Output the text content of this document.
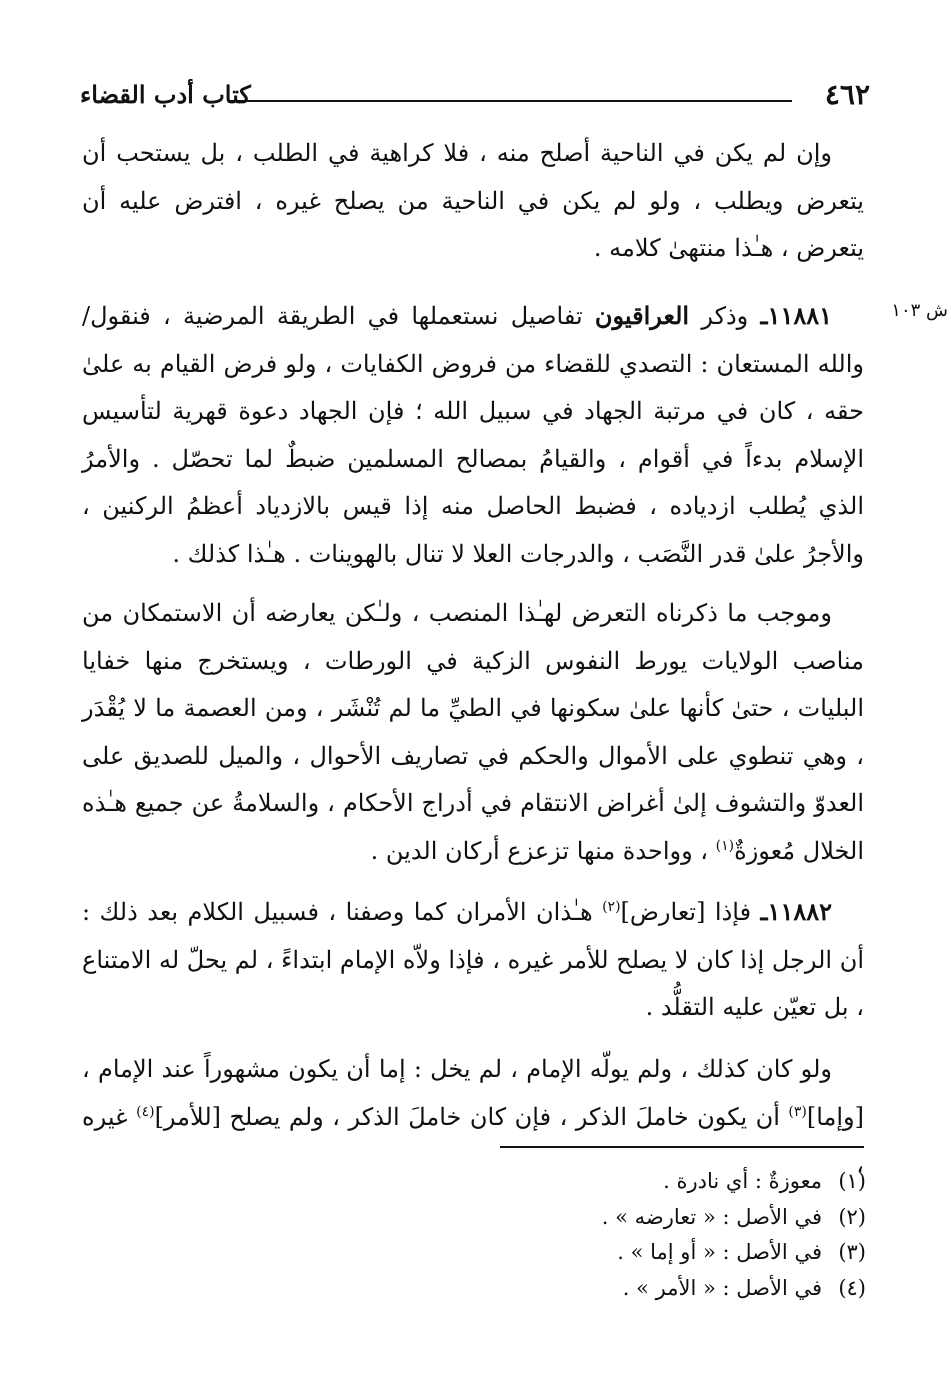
٤٦٢
كتاب أدب القضاء
ش ١٠٣

وإن لم يكن في الناحية أصلح منه ، فلا كراهية في الطلب ، بل يستحب أن يتعرض ويطلب ، ولو لم يكن في الناحية من يصلح غيره ، افترض عليه أن يتعرض ، هـٰذا منتهىٰ كلامه .

١١٨٨١ـ وذكر العراقيون تفاصيل نستعملها في الطريقة المرضية ، فنقول/ والله المستعان : التصدي للقضاء من فروض الكفايات ، ولو فرض القيام به علىٰ حقه ، كان في مرتبة الجهاد في سبيل الله ؛ فإن الجهاد دعوة قهرية لتأسيس الإسلام بدءاً في أقوام ، والقيامُ بمصالح المسلمين ضبطٌ لما تحصّل . والأمرُ الذي يُطلب ازدياده ، فضبط الحاصل منه إذا قيس بالازدياد أعظمُ الركنين ، والأجرُ علىٰ قدر النَّصَب ، والدرجات العلا لا تنال بالهوينات . هـٰذا كذلك .

وموجب ما ذكرناه التعرض لهـٰذا المنصب ، ولـٰكن يعارضه أن الاستمكان من مناصب الولايات يورط النفوس الزكية في الورطات ، ويستخرج منها خفايا البليات ، حتىٰ كأنها علىٰ سكونها في الطيِّ ما لم تُنْشَر ، ومن العصمة ما لا يُقْدَر ، وهي تنطوي على الأموال والحكم في تصاريف الأحوال ، والميل للصديق على العدوّ والتشوف إلىٰ أغراض الانتقام في أدراج الأحكام ، والسلامةُ عن جميع هـٰذه الخلال مُعوزةٌ$^{(١)}$ ، وواحدة منها تزعزع أركان الدين .

١١٨٨٢ـ فإذا [تعارض]$^{(٢)}$ هـٰذان الأمران كما وصفنا ، فسبيل الكلام بعد ذلك : أن الرجل إذا كان لا يصلح للأمر غيره ، فإذا ولاّه الإمام ابتداءً ، لم يحلّ له الامتناع ، بل تعيّن عليه التقلُّد .

ولو كان كذلك ، ولم يولّه الإمام ، لم يخل : إما أن يكون مشهوراً عند الإمام ، [وإما]$^{(٣)}$ أن يكون خاملَ الذكر ، فإن كان خاملَ الذكر ، ولم يصلح [للأمر]$^{(٤)}$ غيره ،

(١)معوزةٌ : أي نادرة .
(٢)في الأصل : « تعارضه » .
(٣)في الأصل : « أو إما » .
(٤)في الأصل : « الأمر » .
